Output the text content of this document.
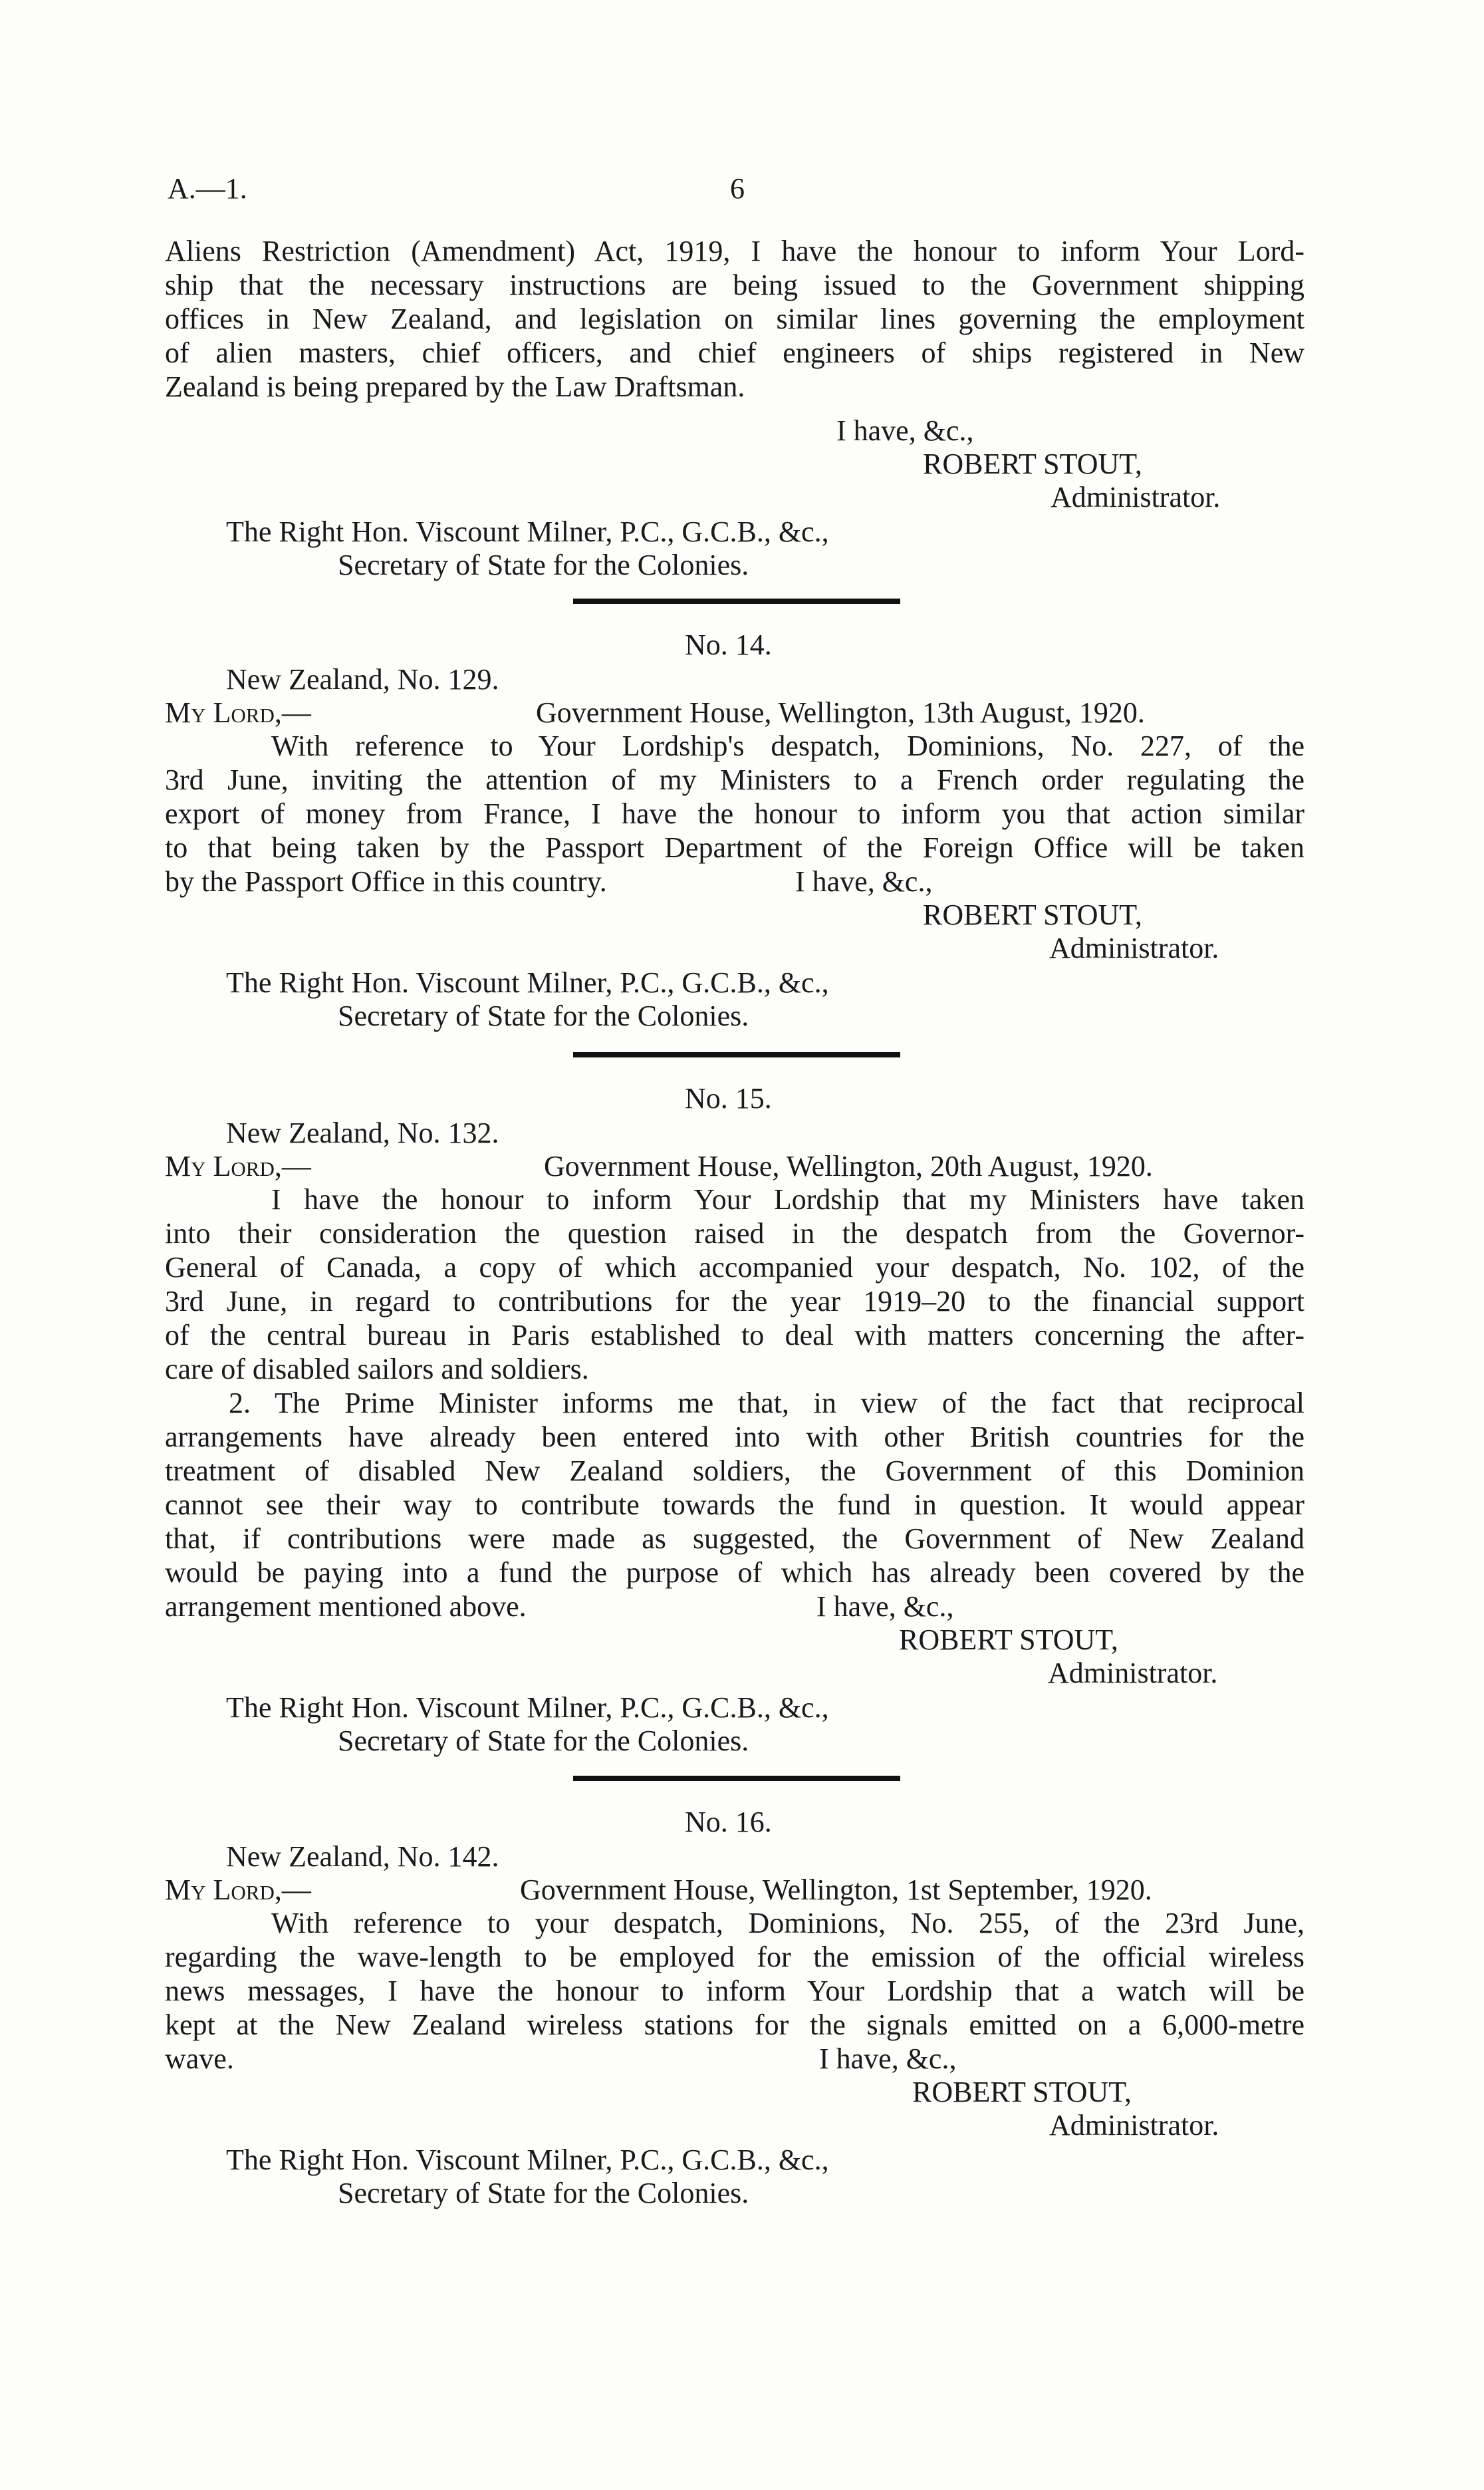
A.—1.	6
Aliens Restriction (Amendment) Act, 1919, I have the honour to inform Your Lord-
ship that the necessary instructions are being issued to the Government shipping
offices in New Zealand, and legislation on similar lines governing the employment
of alien masters, chief officers, and chief engineers of ships registered in New
Zealand is being prepared by the Law Draftsman.
I have, &c.,
ROBERT STOUT,
Administrator.
The Right Hon. Viscount Milner, P.C., G.C.B., &c.,
Secretary of State for the Colonies.
No. 14.
New Zealand, No. 129.
My Lord,—	Government House, Wellington, 13th August, 1920.
With reference to Your Lordship's despatch, Dominions, No. 227, of the
3rd June, inviting the attention of my Ministers to a French order regulating the
export of money from France, I have the honour to inform you that action similar
to that being taken by the Passport Department of the Foreign Office will be taken
by the Passport Office in this country.	I have, &c.,
ROBERT STOUT,
Administrator.
The Right Hon. Viscount Milner, P.C., G.C.B., &c.,
Secretary of State for the Colonies.
No. 15.
New Zealand, No. 132.
My Lord,—	Government House, Wellington, 20th August, 1920.
I have the honour to inform Your Lordship that my Ministers have taken
into their consideration the question raised in the despatch from the Governor-
General of Canada, a copy of which accompanied your despatch, No. 102, of the
3rd June, in regard to contributions for the year 1919–20 to the financial support
of the central bureau in Paris established to deal with matters concerning the after-
care of disabled sailors and soldiers.
2. The Prime Minister informs me that, in view of the fact that reciprocal
arrangements have already been entered into with other British countries for the
treatment of disabled New Zealand soldiers, the Government of this Dominion
cannot see their way to contribute towards the fund in question. It would appear
that, if contributions were made as suggested, the Government of New Zealand
would be paying into a fund the purpose of which has already been covered by the
arrangement mentioned above.	I have, &c.,
ROBERT STOUT,
Administrator.
The Right Hon. Viscount Milner, P.C., G.C.B., &c.,
Secretary of State for the Colonies.
No. 16.
New Zealand, No. 142.
My Lord,—	Government House, Wellington, 1st September, 1920.
With reference to your despatch, Dominions, No. 255, of the 23rd June,
regarding the wave-length to be employed for the emission of the official wireless
news messages, I have the honour to inform Your Lordship that a watch will be
kept at the New Zealand wireless stations for the signals emitted on a 6,000-metre
wave.	I have, &c.,
ROBERT STOUT,
Administrator.
The Right Hon. Viscount Milner, P.C., G.C.B., &c.,
Secretary of State for the Colonies.
